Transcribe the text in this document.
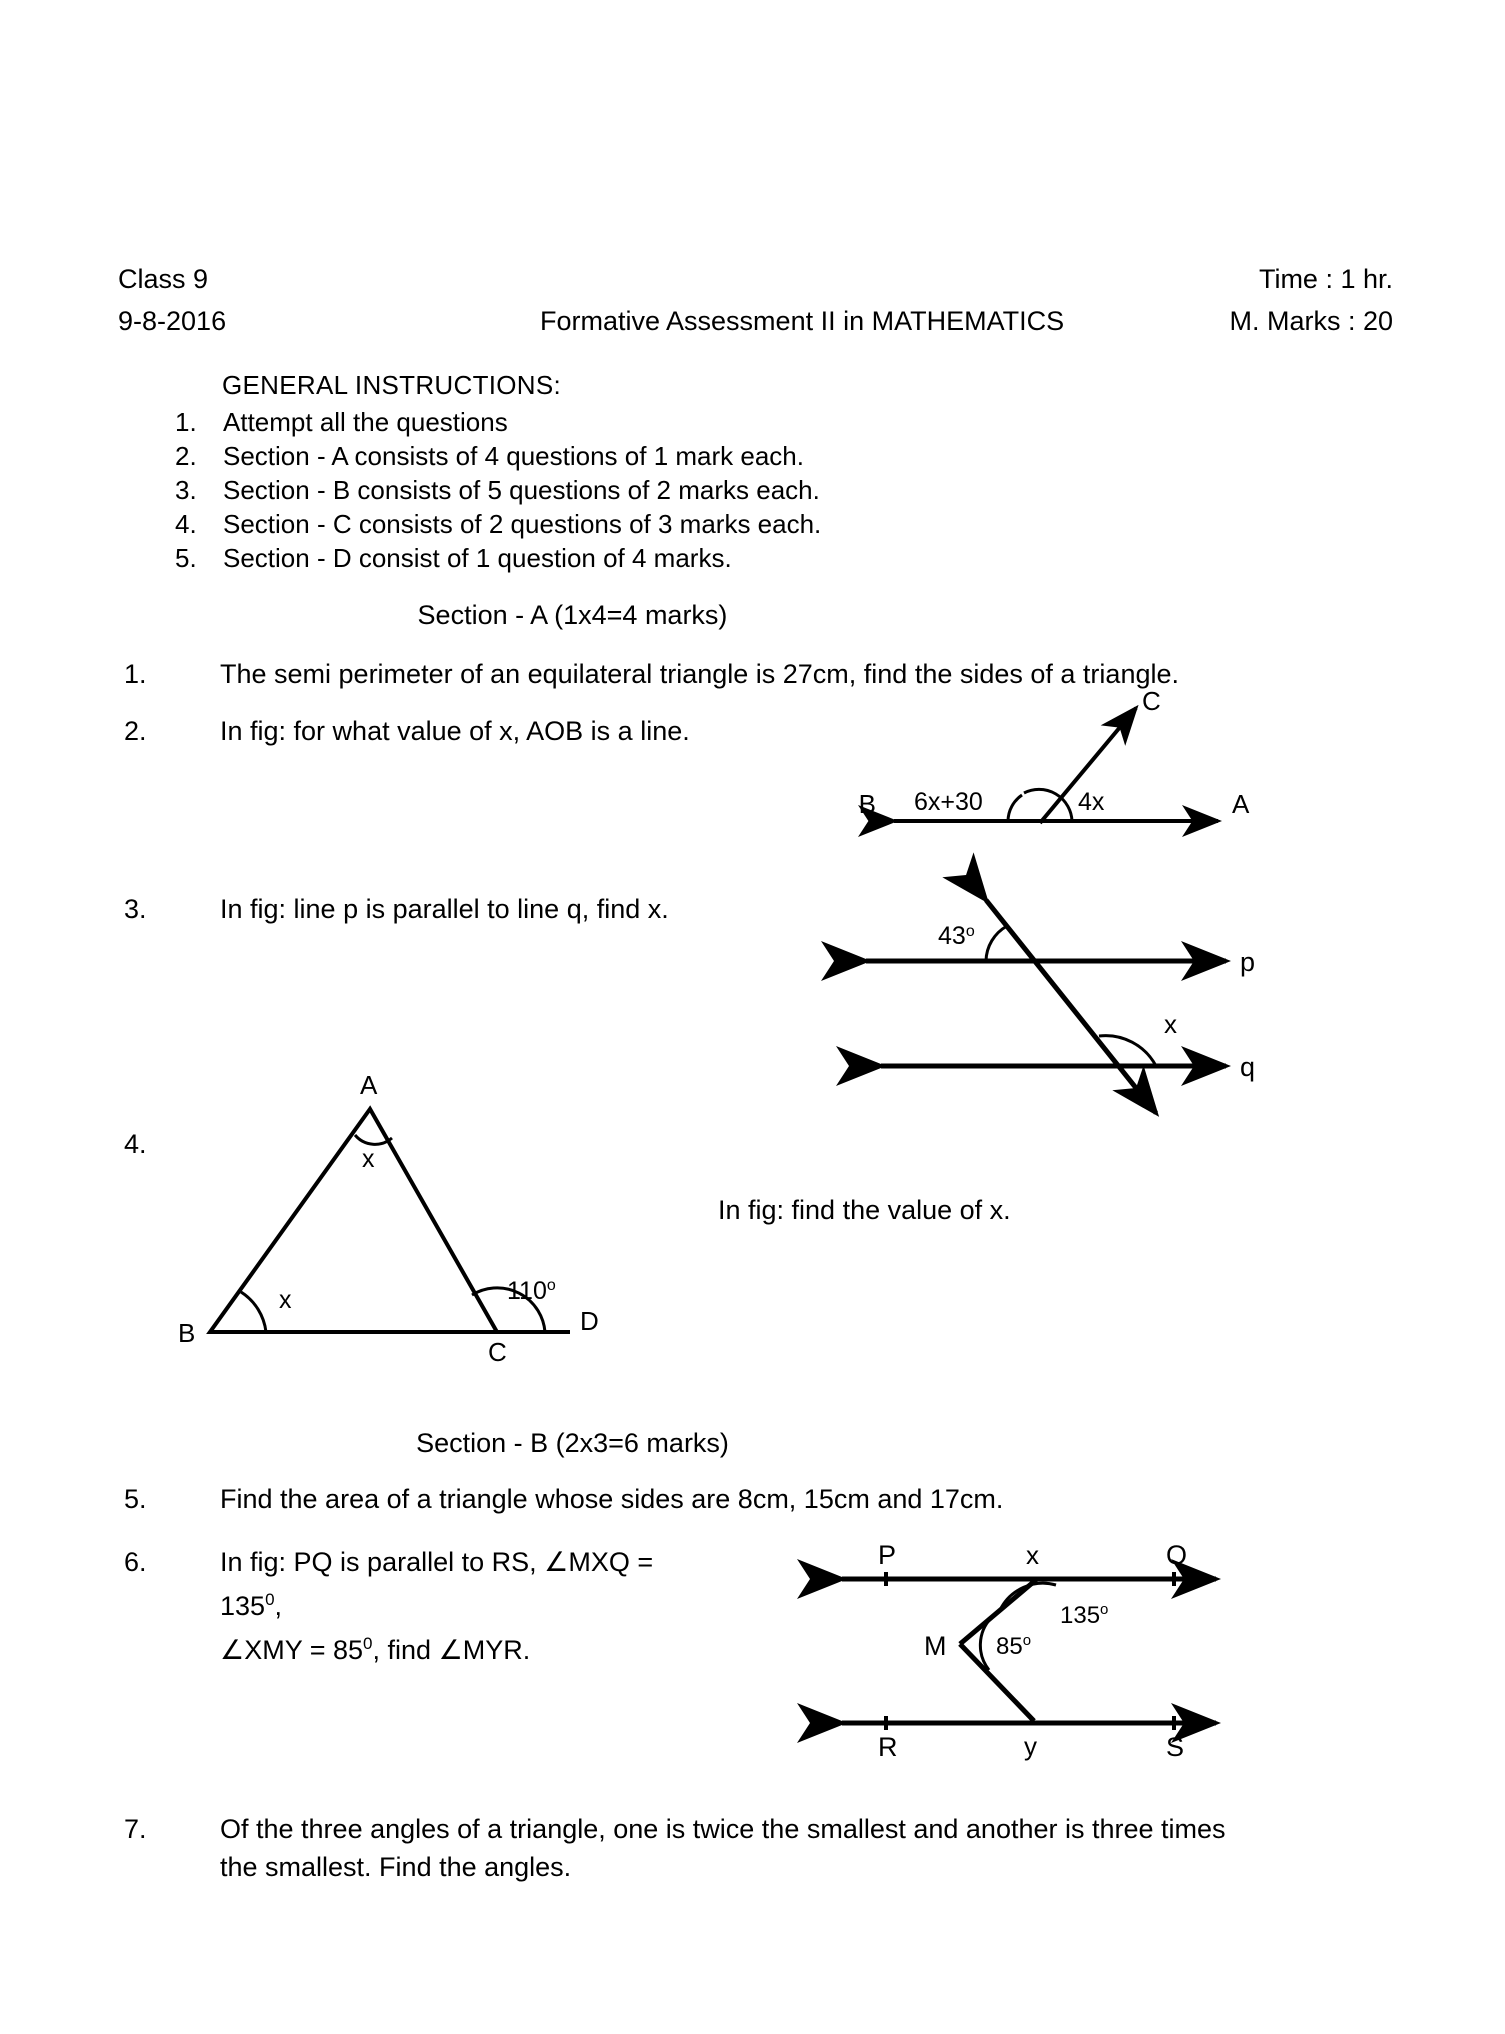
Class 9
9-8-2016	Formative Assessment II in MATHEMATICS
Time : 1 hr.
M. Marks : 20
GENERAL INSTRUCTIONS:
1.	Attempt all the questions
2.	Section - A consists of 4 questions of 1 mark each.
3.	Section - B consists of 5 questions of 2 marks each.
4.	Section - C consists of 2 questions of 3 marks each.
5.	Section - D consist of 1 question of 4 marks.
Section - A (1x4=4 marks)
1.	The semi perimeter of an equilateral triangle is 27cm, find the sides of a triangle.
2.	In fig: for what value of x, AOB is a line.
B	A
C
6x+30	4x
3.	In fig: line p is parallel to line q, find x.
p
q
43$^o$
x
4.
In fig: find the value of x.
A
B
C
D
x
x	110$^o$
Section - B (2x3=6 marks)
5.	Find the area of a triangle whose sides are 8cm, 15cm and 17cm.
6.	In fig: PQ is parallel to RS, ∠MXQ = $135^0$,
∠XMY = $85^0$, find ∠MYR.
P	Q
R	S
M
x
y
135$^o$
85$^o$
7.	Of the three angles of a triangle, one is twice the smallest and another is three times
the smallest. Find the angles.
